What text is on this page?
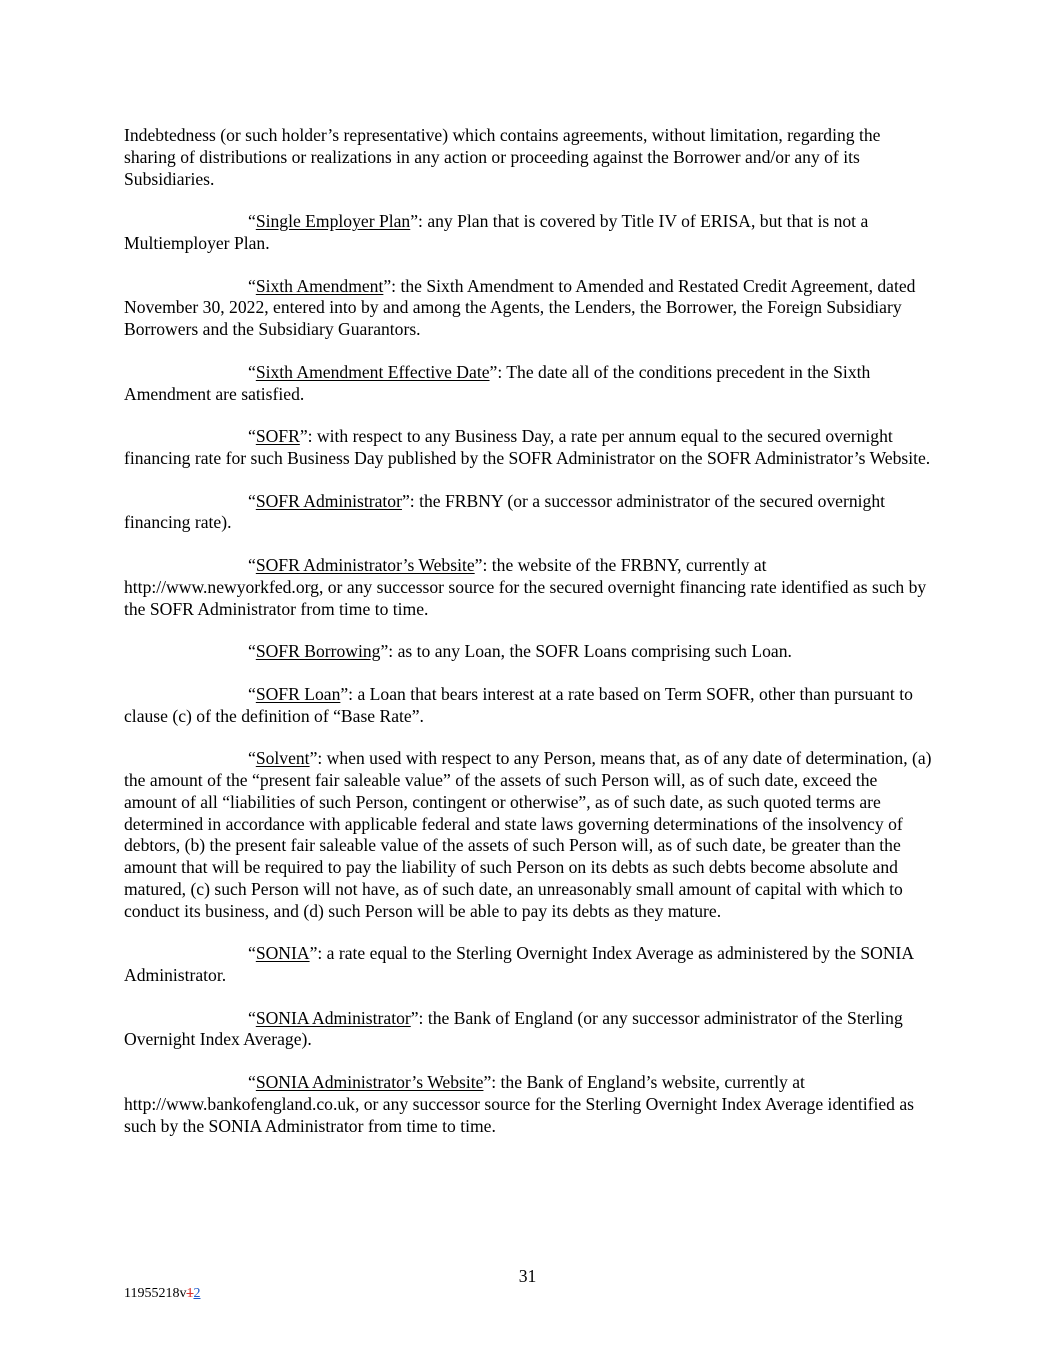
Indebtedness (or such holder’s representative) which contains agreements, without limitation, regarding the sharing of distributions or realizations in any action or proceeding against the Borrower and/or any of its Subsidiaries.

“Single Employer Plan”: any Plan that is covered by Title IV of ERISA, but that is not a Multiemployer Plan.

“Sixth Amendment”: the Sixth Amendment to Amended and Restated Credit Agreement, dated November 30, 2022, entered into by and among the Agents, the Lenders, the Borrower, the Foreign Subsidiary Borrowers and the Subsidiary Guarantors.

“Sixth Amendment Effective Date”: The date all of the conditions precedent in the Sixth Amendment are satisfied.

“SOFR”: with respect to any Business Day, a rate per annum equal to the secured overnight financing rate for such Business Day published by the SOFR Administrator on the SOFR Administrator’s Website.

“SOFR Administrator”: the FRBNY (or a successor administrator of the secured overnight financing rate).

“SOFR Administrator’s Website”: the website of the FRBNY, currently at http://www.newyorkfed.org, or any successor source for the secured overnight financing rate identified as such by the SOFR Administrator from time to time.

“SOFR Borrowing”: as to any Loan, the SOFR Loans comprising such Loan.

“SOFR Loan”: a Loan that bears interest at a rate based on Term SOFR, other than pursuant to clause (c) of the definition of “Base Rate”.

“Solvent”: when used with respect to any Person, means that, as of any date of determination, (a) the amount of the “present fair saleable value” of the assets of such Person will, as of such date, exceed the amount of all “liabilities of such Person, contingent or otherwise”, as of such date, as such quoted terms are determined in accordance with applicable federal and state laws governing determinations of the insolvency of debtors, (b) the present fair saleable value of the assets of such Person will, as of such date, be greater than the amount that will be required to pay the liability of such Person on its debts as such debts become absolute and matured, (c) such Person will not have, as of such date, an unreasonably small amount of capital with which to conduct its business, and (d) such Person will be able to pay its debts as they mature.

“SONIA”: a rate equal to the Sterling Overnight Index Average as administered by the SONIA Administrator.

“SONIA Administrator”: the Bank of England (or any successor administrator of the Sterling Overnight Index Average).

“SONIA Administrator’s Website”: the Bank of England’s website, currently at http://www.bankofengland.co.uk, or any successor source for the Sterling Overnight Index Average identified as such by the SONIA Administrator from time to time.

31
11955218v12
